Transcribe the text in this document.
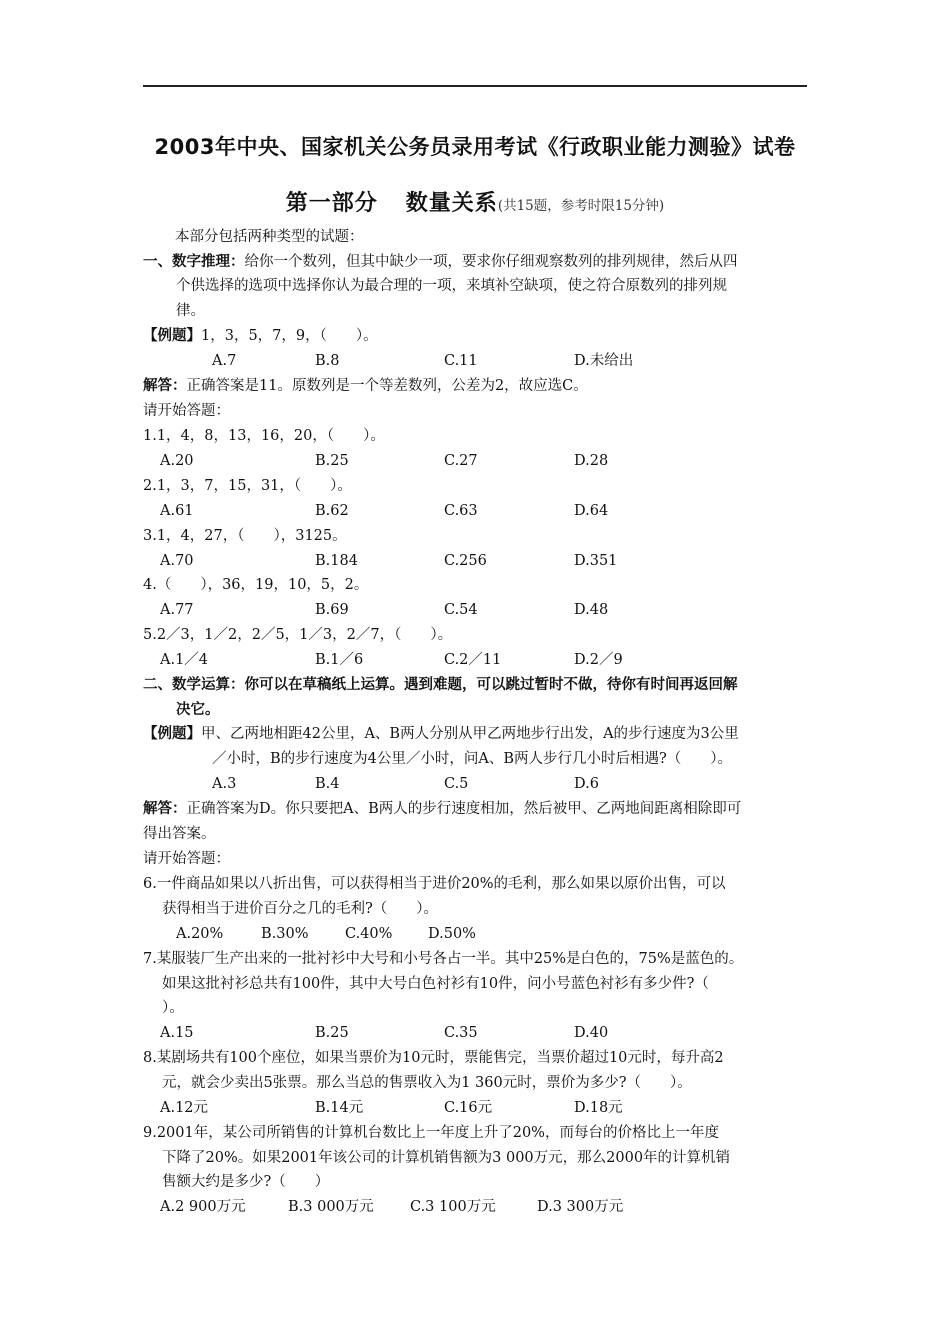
2003年中央、国家机关公务员录用考试《行政职业能力测验》试卷
第一部分 数量关系(共15题，参考时限15分钟)
本部分包括两种类型的试题：
一、数字推理：给你一个数列，但其中缺少一项，要求你仔细观察数列的排列规律，然后从四
个供选择的选项中选择你认为最合理的一项，来填补空缺项，使之符合原数列的排列规
律。
【例题】1，3，5，7，9，（　　）。
A.7	B.8	C.11	D.未给出
解答：正确答案是11。原数列是一个等差数列，公差为2，故应选C。
请开始答题：
1.1，4，8，13，16，20，（　　）。
A.20	B.25	C.27	D.28
2.1，3，7，15，31，（　　）。
A.61	B.62	C.63	D.64
3.1，4，27，（　　），3125。
A.70	B.184	C.256	D.351
4.（　　），36，19，10，5，2。
A.77	B.69	C.54	D.48
5.2／3，1／2，2／5，1／3，2／7，（　　）。
A.1／4	B.1／6	C.2／11	D.2／9
二、数学运算：你可以在草稿纸上运算。遇到难题，可以跳过暂时不做，待你有时间再返回解
决它。
【例题】甲、乙两地相距42公里，A、B两人分别从甲乙两地步行出发，A的步行速度为3公里
／小时，B的步行速度为4公里／小时，问A、B两人步行几小时后相遇?（　　）。
A.3	B.4	C.5	D.6
解答：正确答案为D。你只要把A、B两人的步行速度相加，然后被甲、乙两地间距离相除即可
得出答案。
请开始答题：
6.一件商品如果以八折出售，可以获得相当于进价20%的毛利，那么如果以原价出售，可以
获得相当于进价百分之几的毛利?（　　）。
A.20%	B.30%	C.40% D.50%
7.某服装厂生产出来的一批衬衫中大号和小号各占一半。其中25%是白色的，75%是蓝色的。
如果这批衬衫总共有100件，其中大号白色衬衫有10件，问小号蓝色衬衫有多少件?（
）。
A.15	B.25	C.35	D.40
8.某剧场共有100个座位，如果当票价为10元时，票能售完，当票价超过10元时，每升高2
元，就会少卖出5张票。那么当总的售票收入为1 360元时，票价为多少?（　　）。
A.12元	B.14元	C.16元	D.18元
9.2001年，某公司所销售的计算机台数比上一年度上升了20%，而每台的价格比上一年度
下降了20%。如果2001年该公司的计算机销售额为3 000万元，那么2000年的计算机销
售额大约是多少?（　　）
A.2 900万元	B.3 000万元 C.3 100万元	D.3 300万元
